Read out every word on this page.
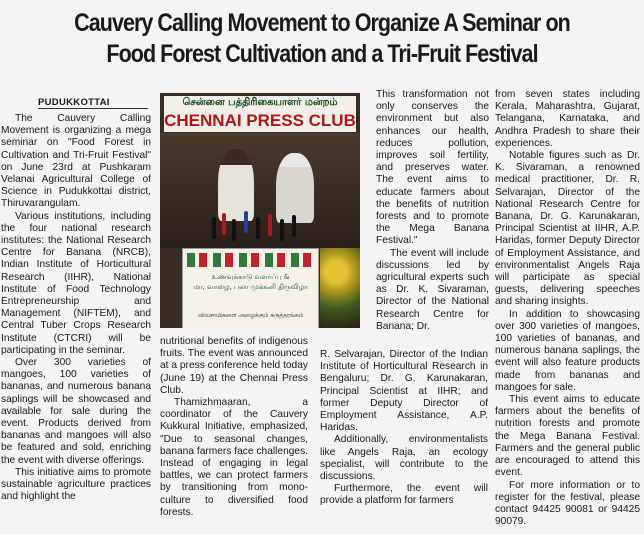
Cauvery Calling Movement to Organize A Seminar on
Food Forest Cultivation and a Tri-Fruit Festival
PUDUKKOTTAI

The Cauvery Calling Movement is organizing a mega seminar on "Food Forest in Cultivation and Tri-Fruit Festival" on June 23rd at Pushkaram Velanai Agricultural College of Science in Pudukkottai district, Thiruvarangulam.

Various institutions, including the four national research institutes: the National Research Centre for Banana (NRCB), Indian Institute of Horticultural Research (IIHR), National Institute of Food Technology Entrepreneurship and Management (NIFTEM), and Central Tuber Crops Research Institute (CTCRI) will be participating in the seminar.

Over 300 varieties of mangoes, 100 varieties of bananas, and numerous banana saplings will be showcased and available for sale during the event. Products derived from bananas and mangoes will also be featured and sold, enriching the event with diverse offerings.

This initiative aims to promote sustainable agriculture practices and highlight the

சென்னை பத்திரிகையாளர் மன்றம்
CHENNAI PRESS CLUB
உணவுக்காடு வளர்ப்பு &
மா, வாழை, பலா முக்கனி திருவிழா
விவசாயிகளை அழைக்கும் கருத்தரங்கம்

nutritional benefits of indigenous fruits. The event was announced at a press conference held today (June 19) at the Chennai Press Club.

Thamizhmaaran, a coordinator of the Cauvery Kukkural Initiative, emphasized, "Due to seasonal changes, banana farmers face challenges. Instead of engaging in legal battles, we can protect farmers by transitioning from mono-culture to diversified food forests.

This transformation not only conserves the environment but also enhances our health, reduces pollution, improves soil fertility, and preserves water. The event aims to educate farmers about the benefits of nutrition forests and to promote the Mega Banana Festival."

The event will include discussions led by agricultural experts such as Dr. K. Sivaraman, Director of the National Research Centre for Banana; Dr.

R. Selvarajan, Director of the Indian Institute of Horticultural Research in Bengaluru; Dr. G. Karunakaran, Principal Scientist at IIHR; and former Deputy Director of Employment Assistance, A.P. Haridas.

Additionally, environmentalists like Angels Raja, an ecology specialist, will contribute to the discussions.

Furthermore, the event will provide a platform for farmers

from seven states including Kerala, Maharashtra, Gujarat, Telangana, Karnataka, and Andhra Pradesh to share their experiences.

Notable figures such as Dr. K. Sivaraman, a renowned medical practitioner, Dr. R. Selvarajan, Director of the National Research Centre for Banana, Dr. G. Karunakaran, Principal Scientist at IIHR, A.P. Haridas, former Deputy Director of Employment Assistance, and environmentalist Angels Raja will participate as special guests, delivering speeches and sharing insights.

In addition to showcasing over 300 varieties of mangoes, 100 varieties of bananas, and numerous banana saplings, the event will also feature products made from bananas and mangoes for sale.

This event aims to educate farmers about the benefits of nutrition forests and promote the Mega Banana Festival. Farmers and the general public are encouraged to attend this event.

For more information or to register for the festival, please contact 94425 90081 or 94425 90079.
